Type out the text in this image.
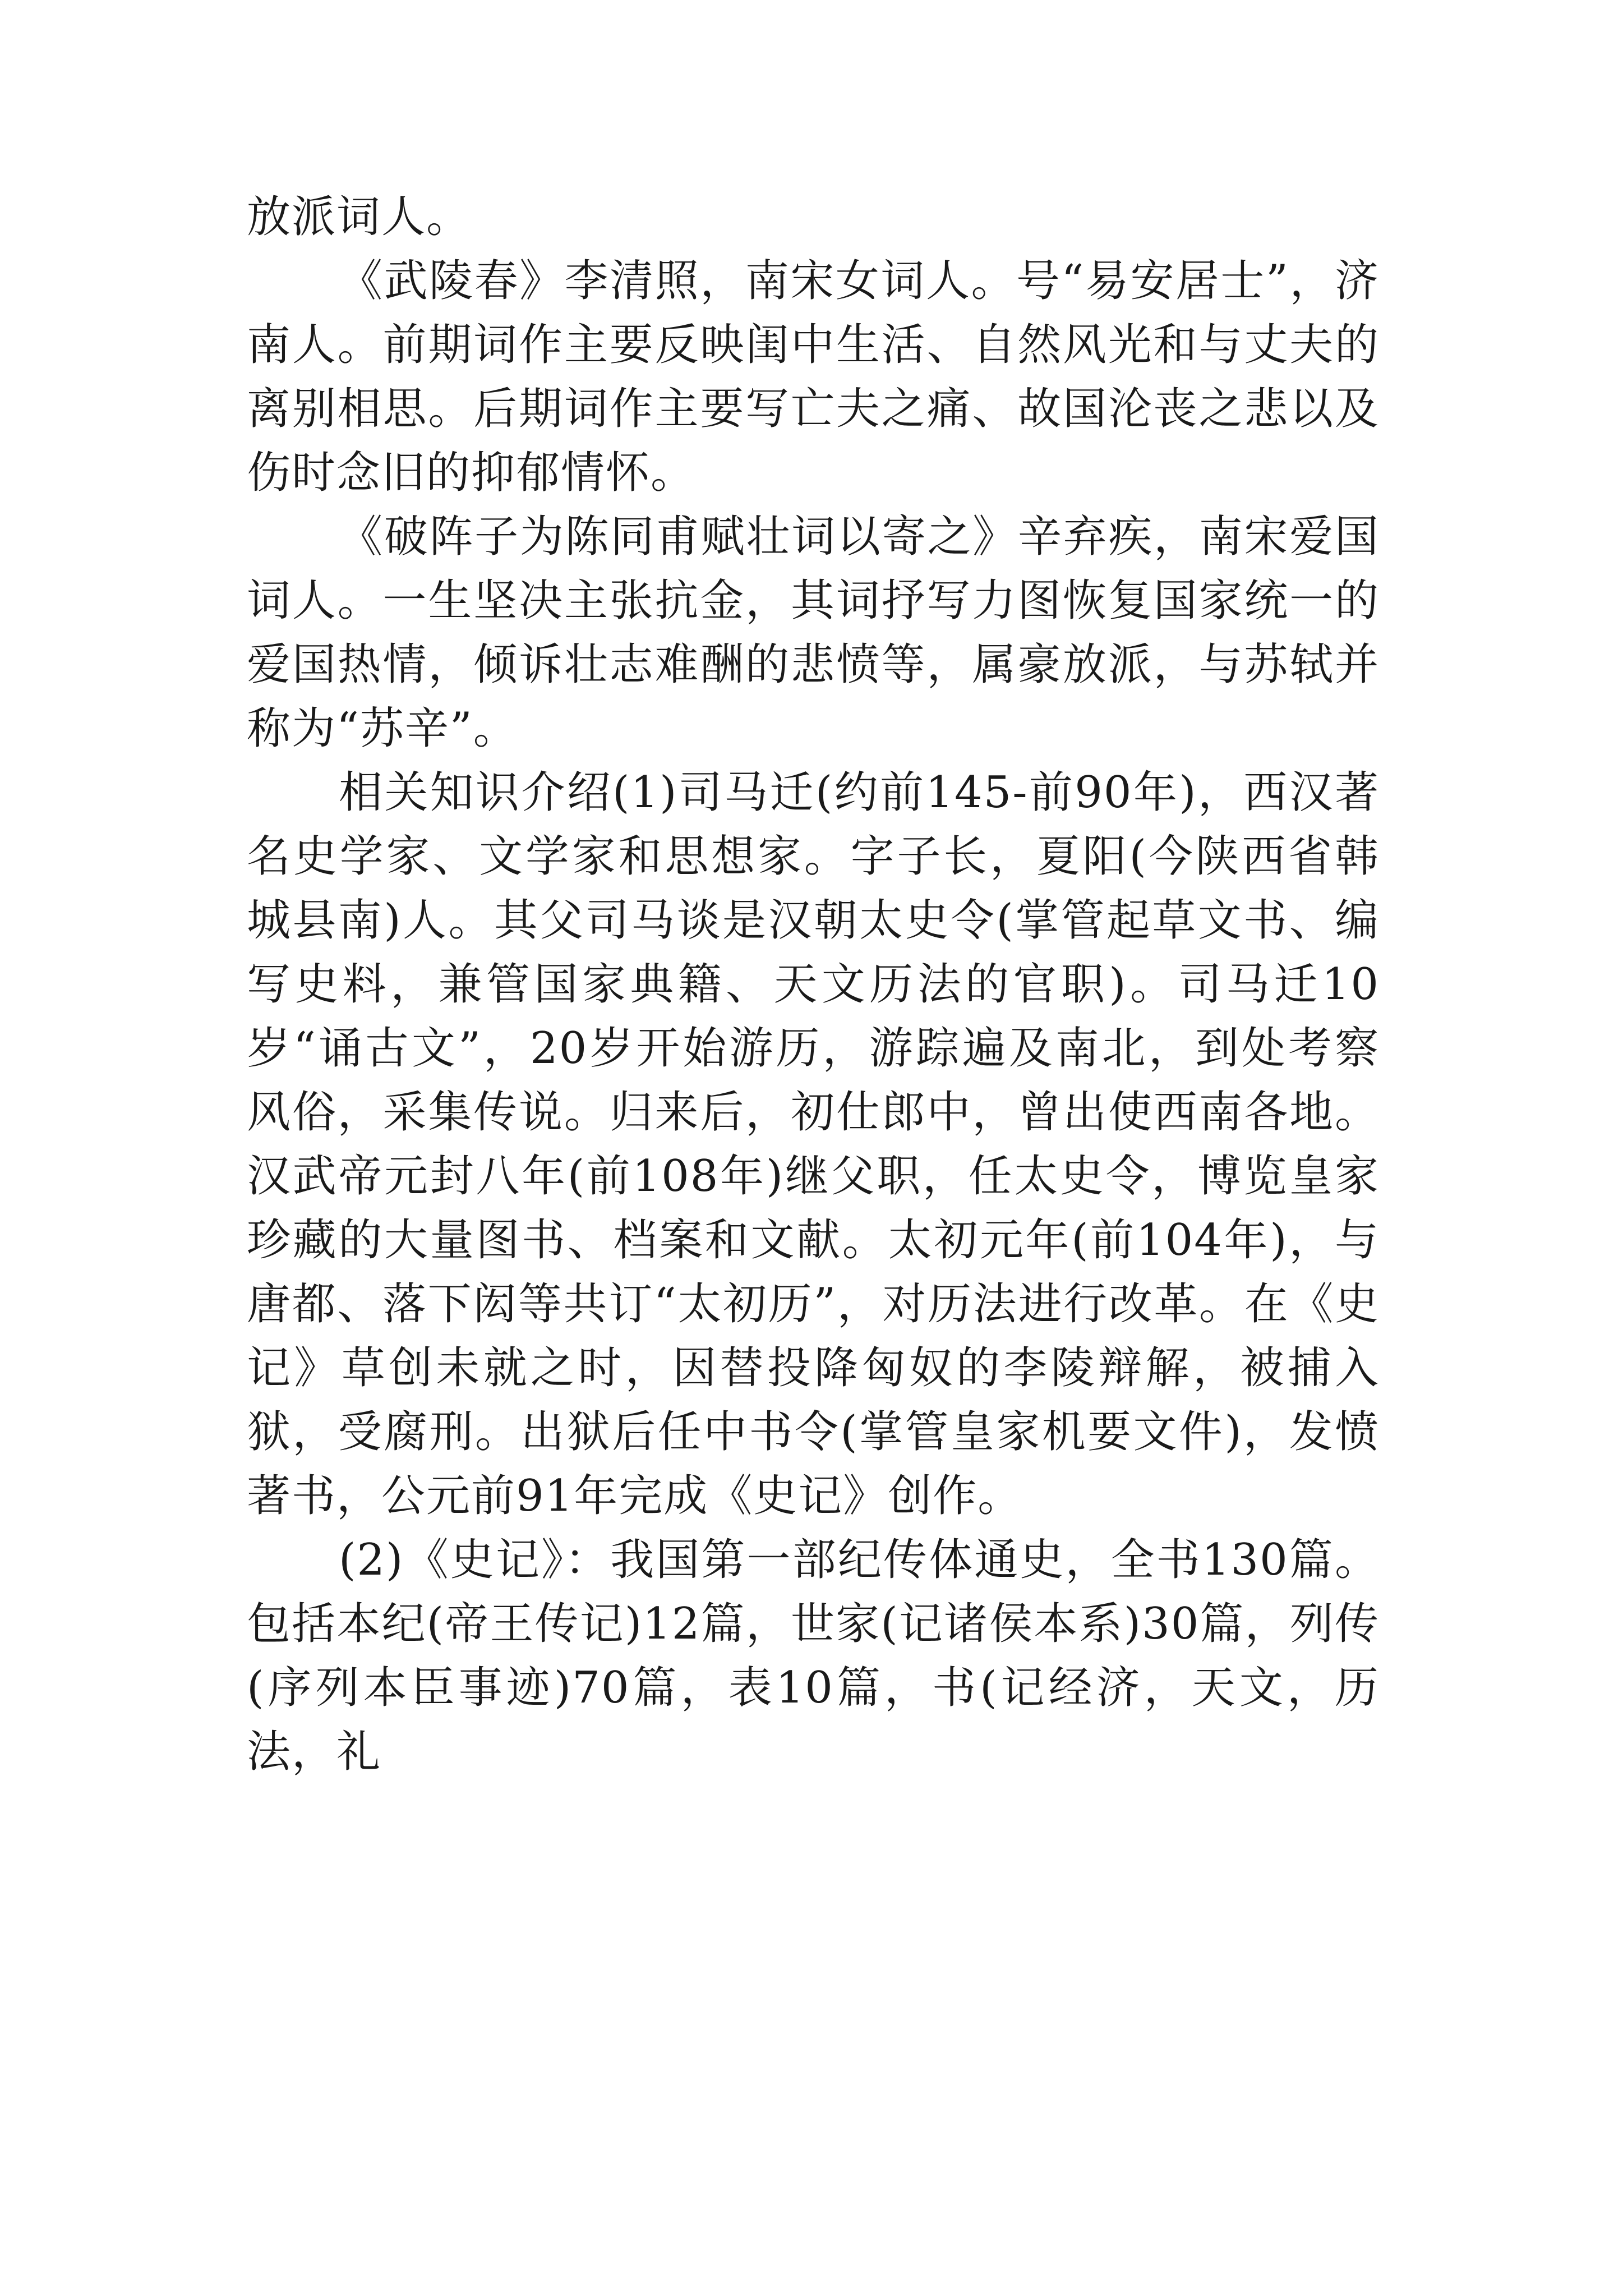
放派词人。

《武陵春》李清照，南宋女词人。号“易安居士”，济南人。前期词作主要反映闺中生活、自然风光和与丈夫的离别相思。后期词作主要写亡夫之痛、故国沦丧之悲以及伤时念旧的抑郁情怀。

《破阵子为陈同甫赋壮词以寄之》辛弃疾，南宋爱国词人。一生坚决主张抗金，其词抒写力图恢复国家统一的爱国热情，倾诉壮志难酬的悲愤等，属豪放派，与苏轼并称为“苏辛”。

相关知识介绍(1)司马迁(约前145-前90年)，西汉著名史学家、文学家和思想家。字子长，夏阳(今陕西省韩城县南)人。其父司马谈是汉朝太史令(掌管起草文书、编写史料，兼管国家典籍、天文历法的官职)。司马迁10岁“诵古文”，20岁开始游历，游踪遍及南北，到处考察风俗，采集传说。归来后，初仕郎中，曾出使西南各地。汉武帝元封八年(前108年)继父职，任太史令，博览皇家珍藏的大量图书、档案和文献。太初元年(前104年)，与唐都、落下闳等共订“太初历”，对历法进行改革。在《史记》草创未就之时，因替投降匈奴的李陵辩解，被捕入狱，受腐刑。出狱后任中书令(掌管皇家机要文件)，发愤著书，公元前91年完成《史记》创作。

(2)《史记》：我国第一部纪传体通史，全书130篇。包括本纪(帝王传记)12篇，世家(记诸侯本系)30篇，列传(序列本臣事迹)70篇，表10篇，书(记经济，天文，历法，礼
